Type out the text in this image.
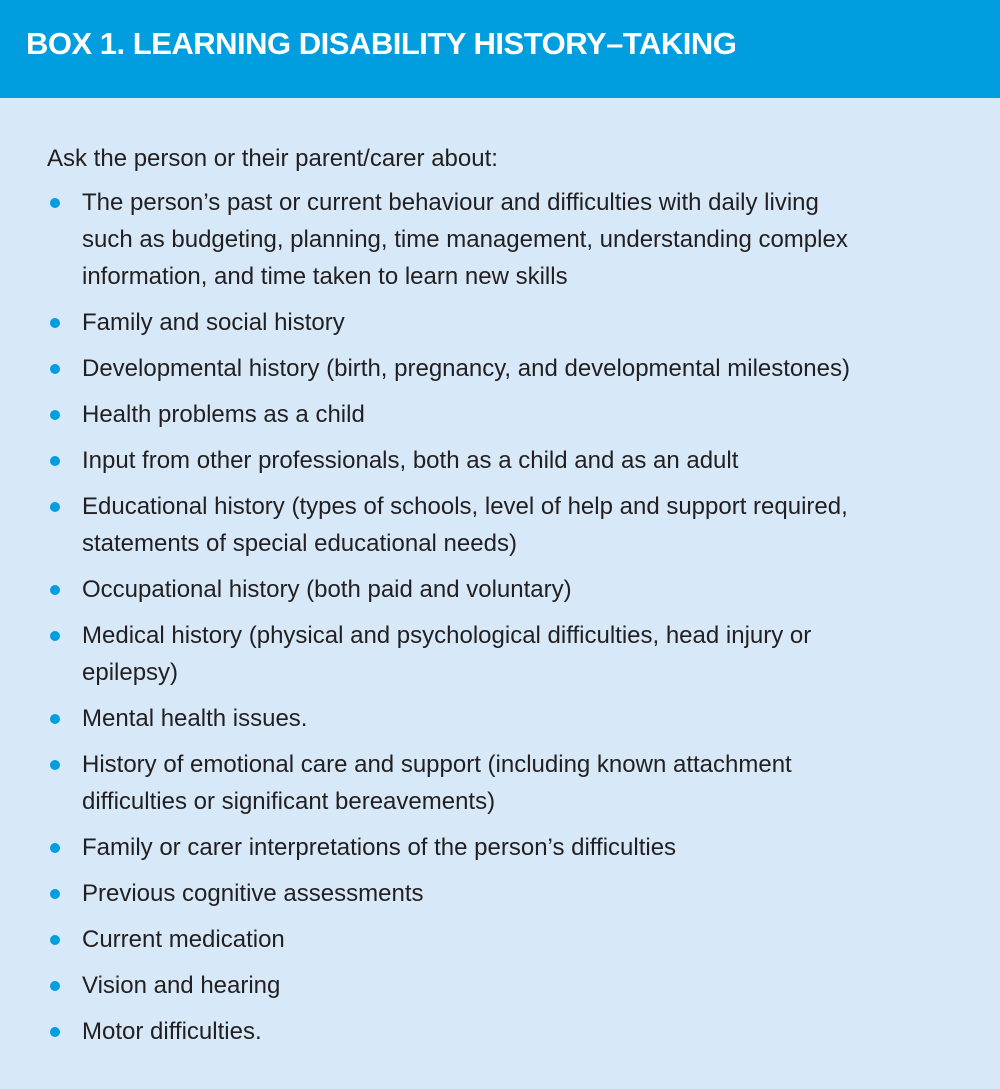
BOX 1. LEARNING DISABILITY HISTORY–TAKING
Ask the person or their parent/carer about:
The person’s past or current behaviour and difficulties with daily living
such as budgeting, planning, time management, understanding complex
information, and time taken to learn new skills
Family and social history
Developmental history (birth, pregnancy, and developmental milestones)
Health problems as a child
Input from other professionals, both as a child and as an adult
Educational history (types of schools, level of help and support required,
statements of special educational needs)
Occupational history (both paid and voluntary)
Medical history (physical and psychological difficulties, head injury or
epilepsy)
Mental health issues.
History of emotional care and support (including known attachment
difficulties or significant bereavements)
Family or carer interpretations of the person’s difficulties
Previous cognitive assessments
Current medication
Vision and hearing
Motor difficulties.
